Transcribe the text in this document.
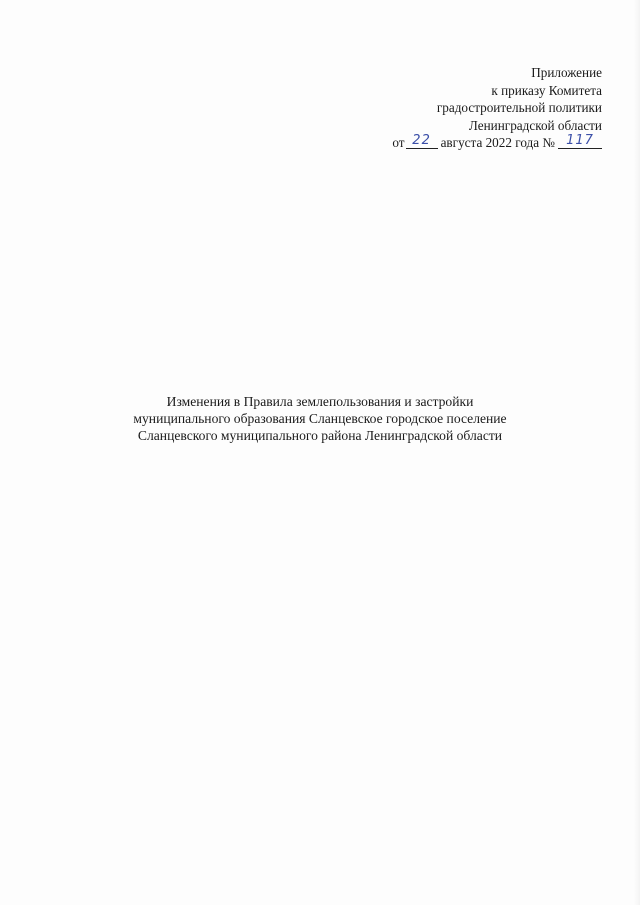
Приложение
к приказу Комитета
градостроительной политики
Ленинградской области
от 22 августа 2022 года № 117
Изменения в Правила землепользования и застройки
муниципального образования Сланцевское городское поселение
Сланцевского муниципального района Ленинградской области
